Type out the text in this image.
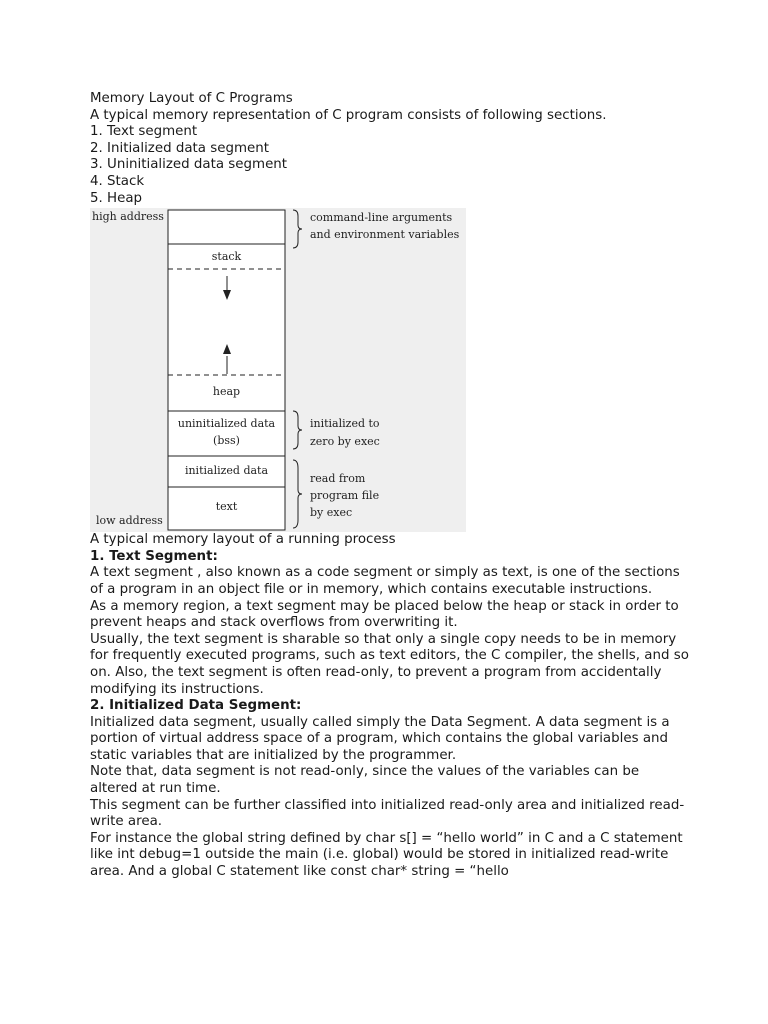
Memory Layout of C Programs
A typical memory representation of C program consists of following sections.
1. Text segment
2. Initialized data segment
3. Uninitialized data segment
4. Stack
5. Heap
high address
low address
stack
heap
uninitialized data
(bss)
initialized data
text
command-line arguments
and environment variables
initialized to
zero by exec
read from
program file
by exec
A typical memory layout of a running process
1. Text Segment:
A text segment , also known as a code segment or simply as text, is one of the sections of a program in an object file or in memory, which contains executable instructions.
As a memory region, a text segment may be placed below the heap or stack in order to prevent heaps and stack overflows from overwriting it.
Usually, the text segment is sharable so that only a single copy needs to be in memory for frequently executed programs, such as text editors, the C compiler, the shells, and so on. Also, the text segment is often read-only, to prevent a program from accidentally modifying its instructions.
2. Initialized Data Segment:
Initialized data segment, usually called simply the Data Segment. A data segment is a portion of virtual address space of a program, which contains the global variables and static variables that are initialized by the programmer.
Note that, data segment is not read-only, since the values of the variables can be altered at run time.
This segment can be further classified into initialized read-only area and initialized read-write area.
For instance the global string defined by char s[] = “hello world” in C and a C statement like int debug=1 outside the main (i.e. global) would be stored in initialized read-write area. And a global C statement like const char* string = “hello
